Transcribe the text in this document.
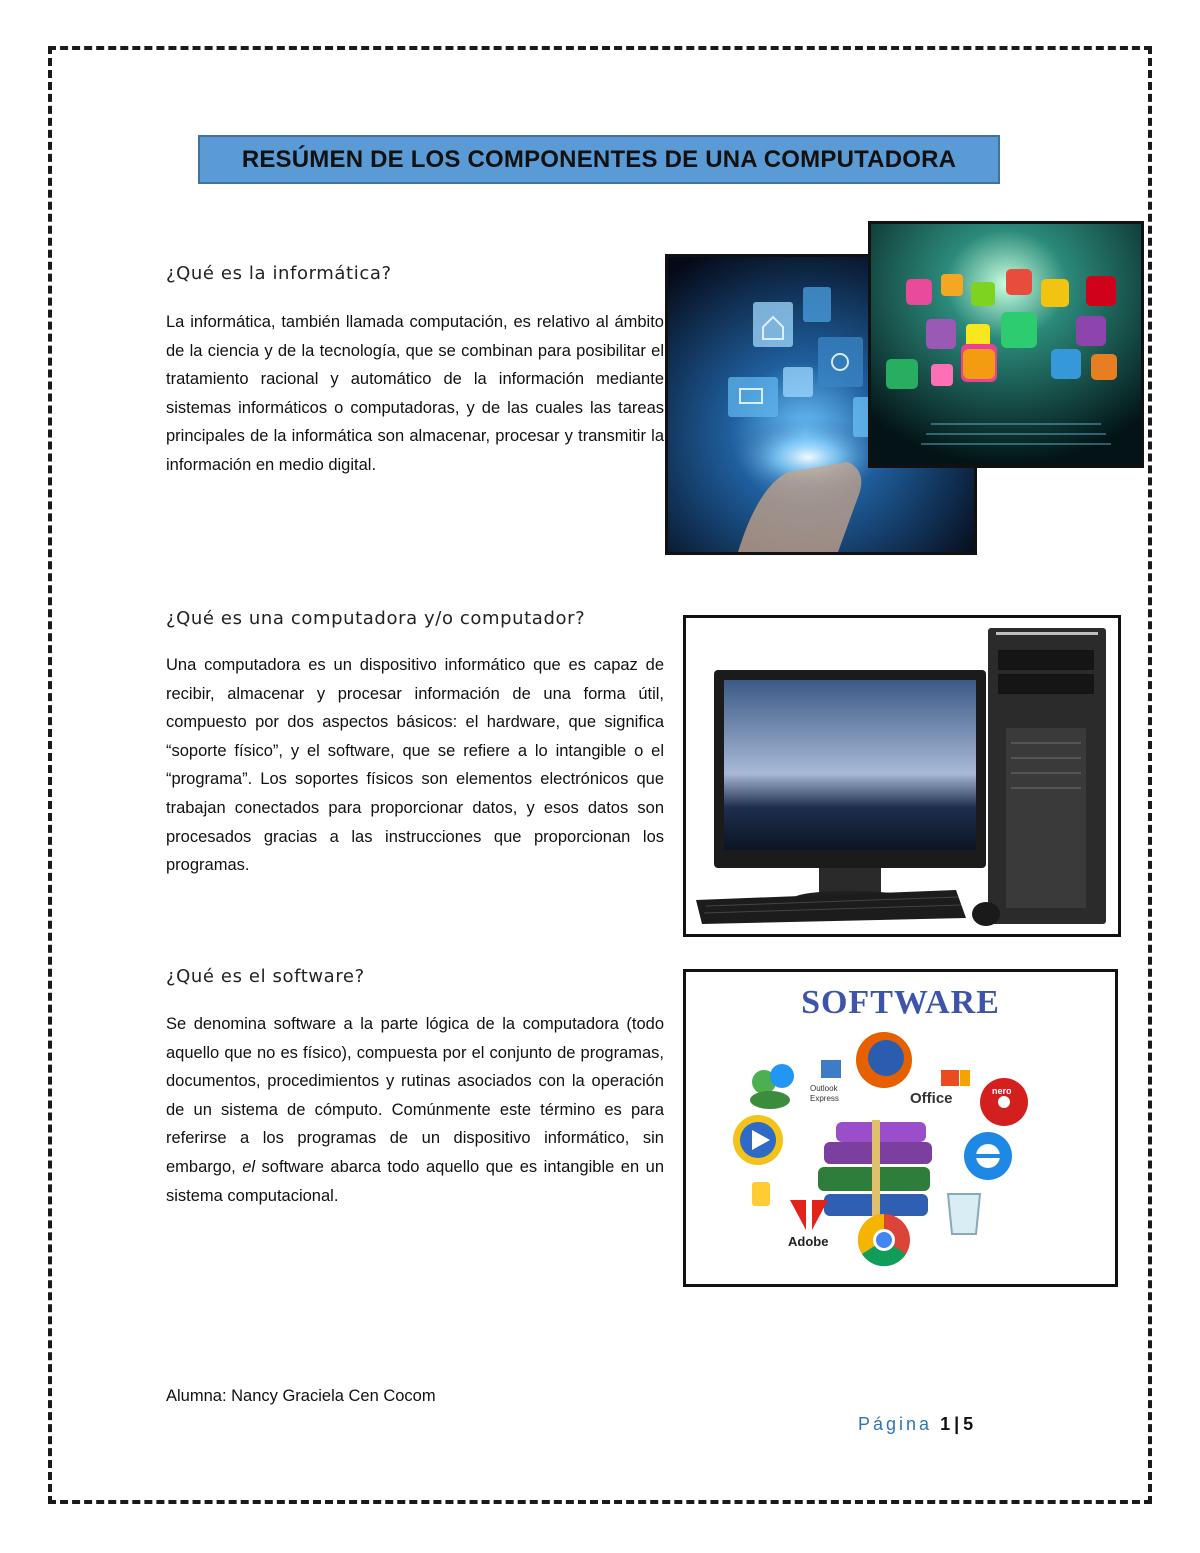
RESÚMEN DE LOS COMPONENTES DE UNA COMPUTADORA
¿Qué es la informática?

La informática, también llamada computación, es relativo al ámbito de la ciencia y de la tecnología, que se combinan para posibilitar el tratamiento racional y automático de la información mediante sistemas informáticos o computadoras, y de las cuales las tareas principales de la informática son almacenar, procesar y transmitir la información en medio digital.

¿Qué es una computadora y/o computador?

Una computadora es un dispositivo informático que es capaz de recibir, almacenar y procesar información de una forma útil, compuesto por dos aspectos básicos: el hardware, que significa “soporte físico”, y el software, que se refiere a lo intangible o el “programa”. Los soportes físicos son elementos electrónicos que trabajan conectados para proporcionar datos, y esos datos son procesados gracias a las instrucciones que proporcionan los programas.

¿Qué es el software?

Se denomina software a la parte lógica de la computadora (todo aquello que no es físico), compuesta por el conjunto de programas, documentos, procedimientos y rutinas asociados con la operación de un sistema de cómputo. Comúnmente este término es para referirse a los programas de un dispositivo informático, sin embargo, el software abarca todo aquello que es intangible en un sistema computacional.

SOFTWARE
Outlook Express	Office	nero
Adobe
Alumna: Nancy Graciela Cen Cocom
Página 1 | 5
